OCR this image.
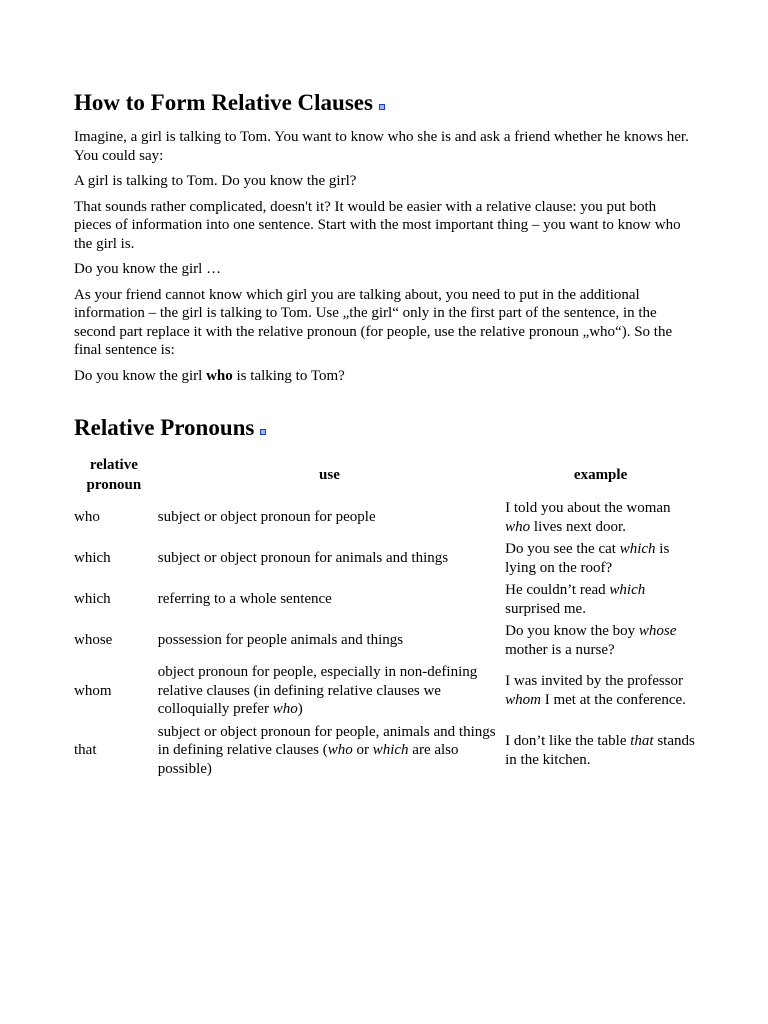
How to Form Relative Clauses

Imagine, a girl is talking to Tom. You want to know who she is and ask a friend whether he knows her. You could say:

A girl is talking to Tom. Do you know the girl?

That sounds rather complicated, doesn't it? It would be easier with a relative clause: you put both pieces of information into one sentence. Start with the most important thing – you want to know who the girl is.

Do you know the girl …

As your friend cannot know which girl you are talking about, you need to put in the additional information – the girl is talking to Tom. Use „the girl“ only in the first part of the sentence, in the second part replace it with the relative pronoun (for people, use the relative pronoun „who“). So the final sentence is:

Do you know the girl who is talking to Tom?

Relative Pronouns
relative pronoun	use	example
who	subject or object pronoun for people	I told you about the woman who lives next door.
which	subject or object pronoun for animals and things	Do you see the cat which is lying on the roof?
which	referring to a whole sentence	He couldn’t read which surprised me.
whose	possession for people animals and things	Do you know the boy whose mother is a nurse?
whom	object pronoun for people, especially in non-defining relative clauses (in defining relative clauses we colloquially prefer who)	I was invited by the professor whom I met at the conference.
that	subject or object pronoun for people, animals and things in defining relative clauses (who or which are also possible)	I don’t like the table that stands in the kitchen.
